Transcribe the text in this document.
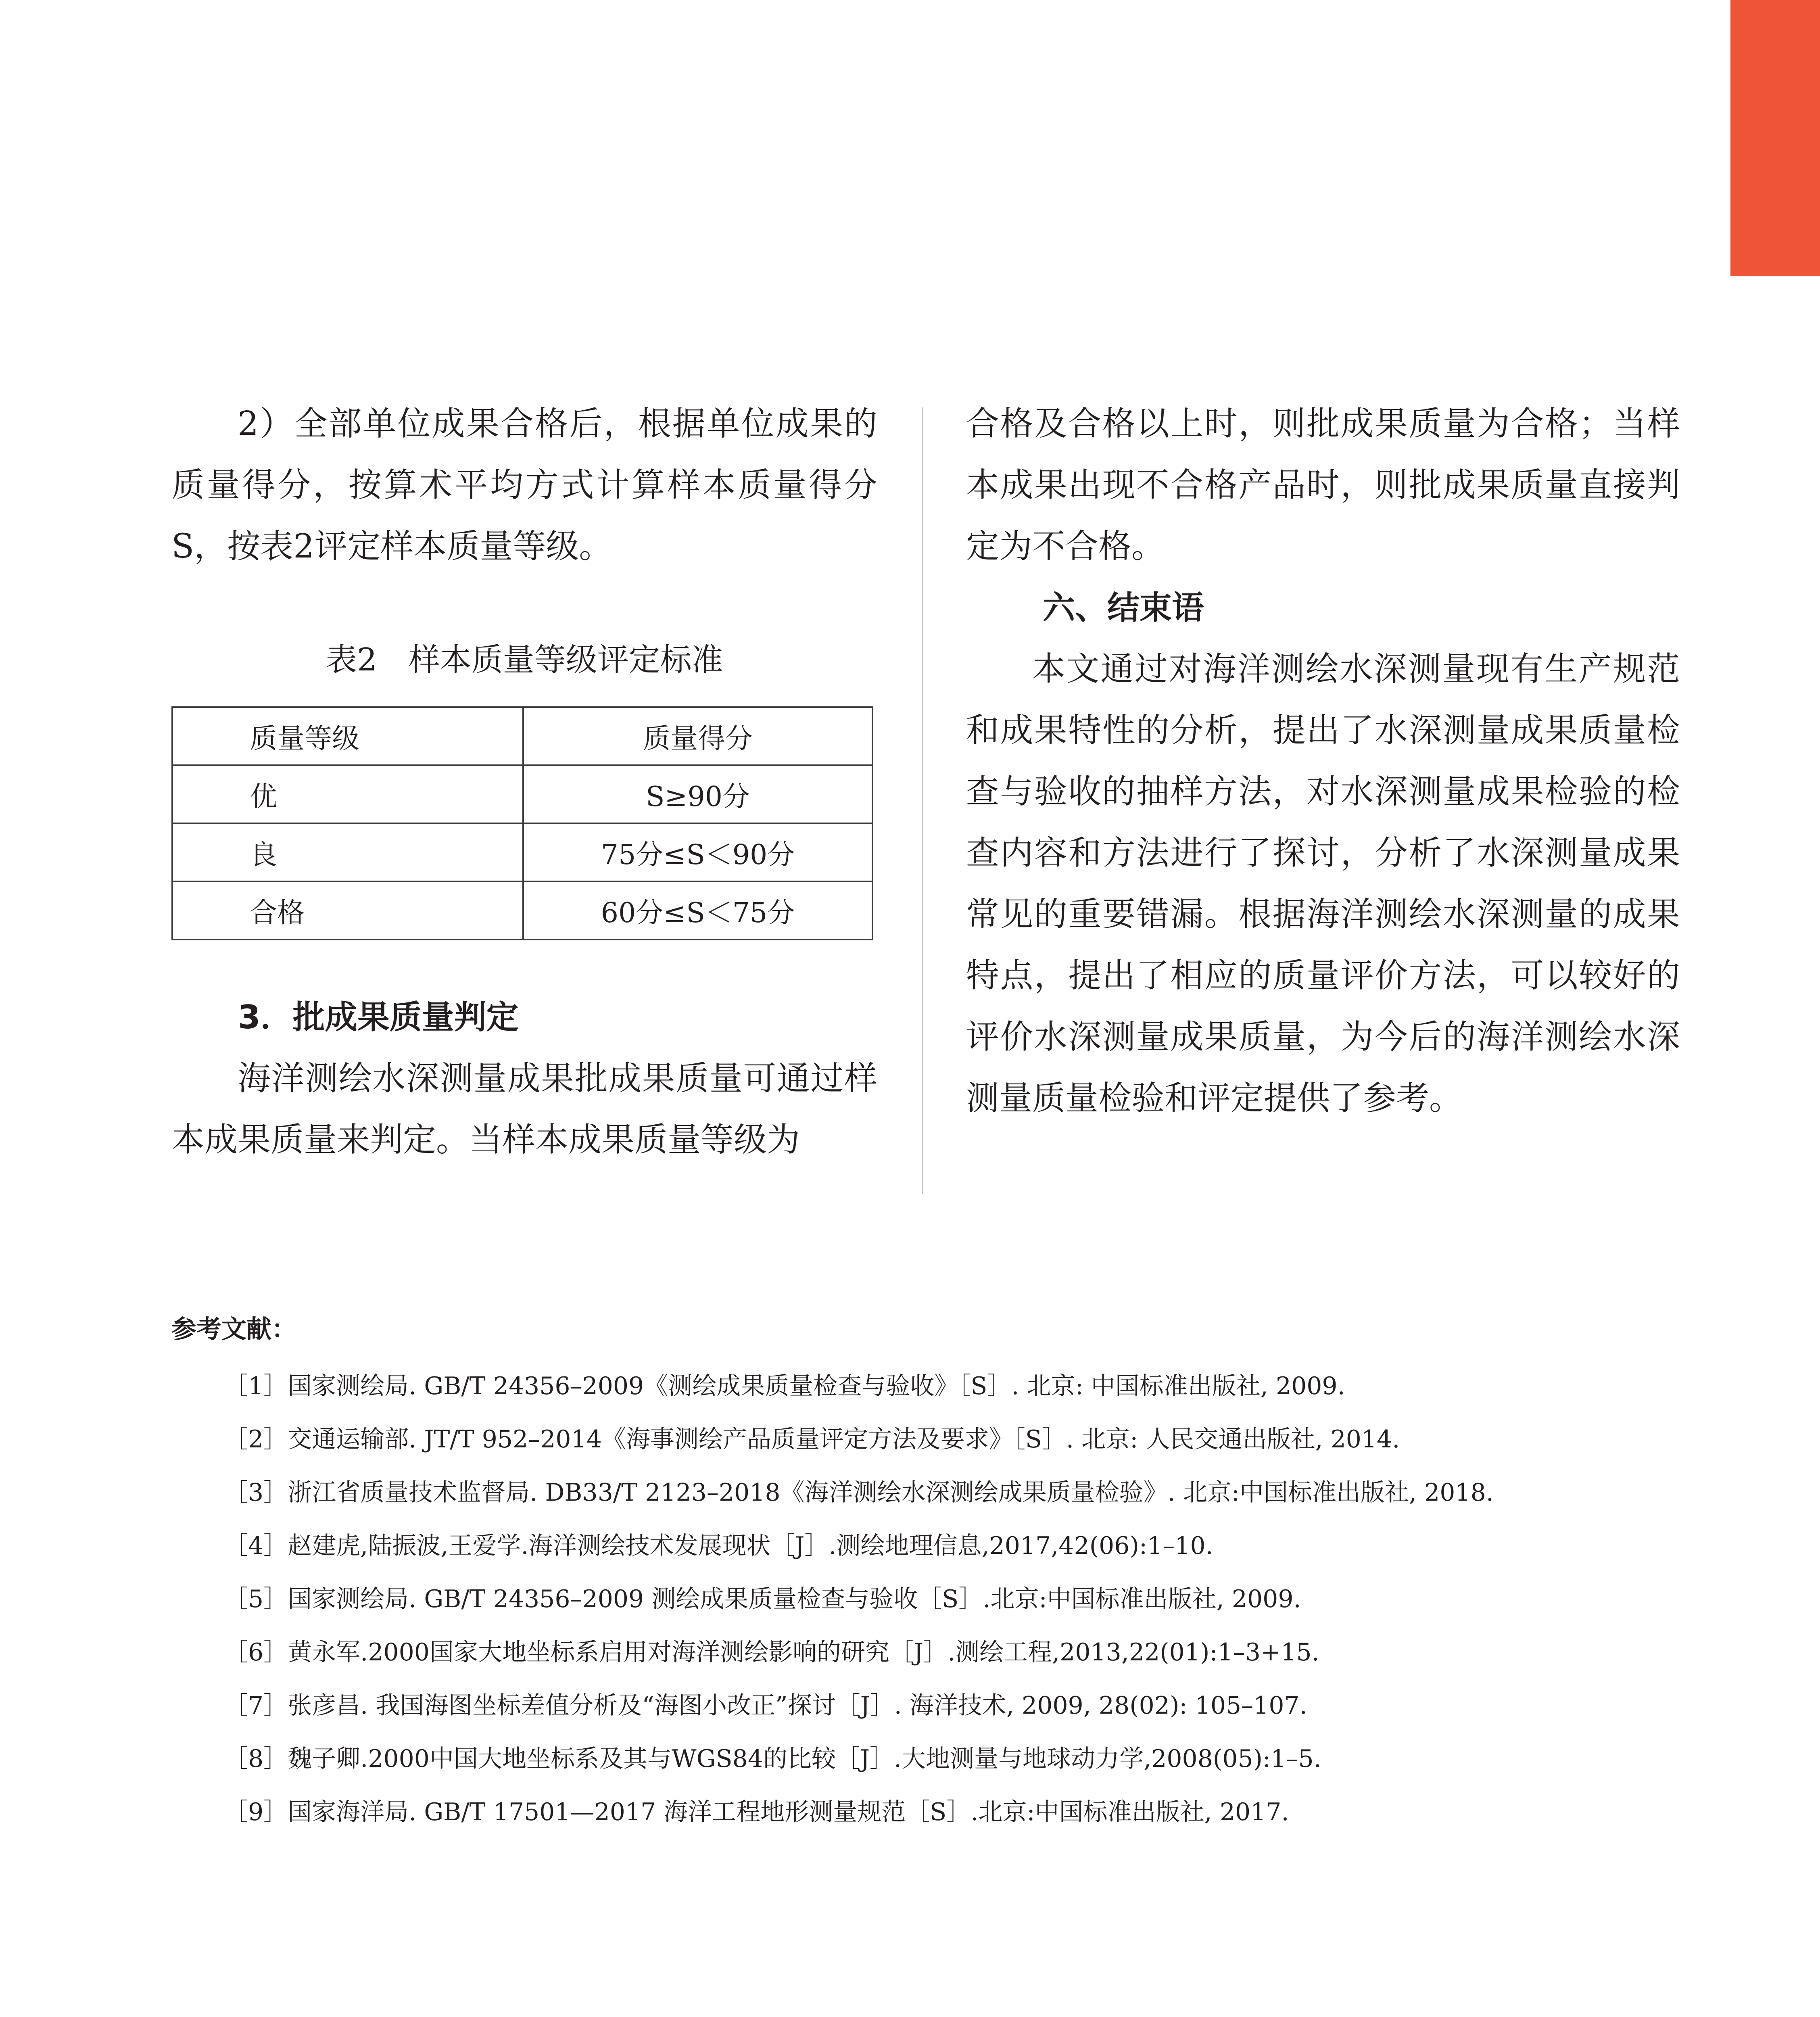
2）全部单位成果合格后，根据单位成果的质量得分，按算术平均方式计算样本质量得分S，按表2评定样本质量等级。

表2　样本质量等级评定标准
质量等级	质量得分
优	S≥90分
良	75分≤S＜90分
合格	60分≤S＜75分

3．批成果质量判定

海洋测绘水深测量成果批成果质量可通过样本成果质量来判定。当样本成果质量等级为

合格及合格以上时，则批成果质量为合格；当样本成果出现不合格产品时，则批成果质量直接判定为不合格。

六、结束语

本文通过对海洋测绘水深测量现有生产规范和成果特性的分析，提出了水深测量成果质量检查与验收的抽样方法，对水深测量成果检验的检查内容和方法进行了探讨，分析了水深测量成果常见的重要错漏。根据海洋测绘水深测量的成果特点，提出了相应的质量评价方法，可以较好的评价水深测量成果质量，为今后的海洋测绘水深测量质量检验和评定提供了参考。

参考文献：

［1］国家测绘局. GB/T 24356–2009《测绘成果质量检查与验收》［S］. 北京: 中国标准出版社, 2009.

［2］交通运输部. JT/T 952–2014《海事测绘产品质量评定方法及要求》［S］. 北京: 人民交通出版社, 2014.

［3］浙江省质量技术监督局. DB33/T 2123–2018《海洋测绘水深测绘成果质量检验》. 北京:中国标准出版社, 2018.

［4］赵建虎,陆振波,王爱学.海洋测绘技术发展现状［J］.测绘地理信息,2017,42(06):1–10.

［5］国家测绘局. GB/T 24356–2009 测绘成果质量检查与验收［S］.北京:中国标准出版社, 2009.

［6］黄永军.2000国家大地坐标系启用对海洋测绘影响的研究［J］.测绘工程,2013,22(01):1–3+15.

［7］张彦昌. 我国海图坐标差值分析及“海图小改正”探讨［J］. 海洋技术, 2009, 28(02): 105–107.

［8］魏子卿.2000中国大地坐标系及其与WGS84的比较［J］.大地测量与地球动力学,2008(05):1–5.

［9］国家海洋局. GB/T 17501—2017 海洋工程地形测量规范［S］.北京:中国标准出版社, 2017.
